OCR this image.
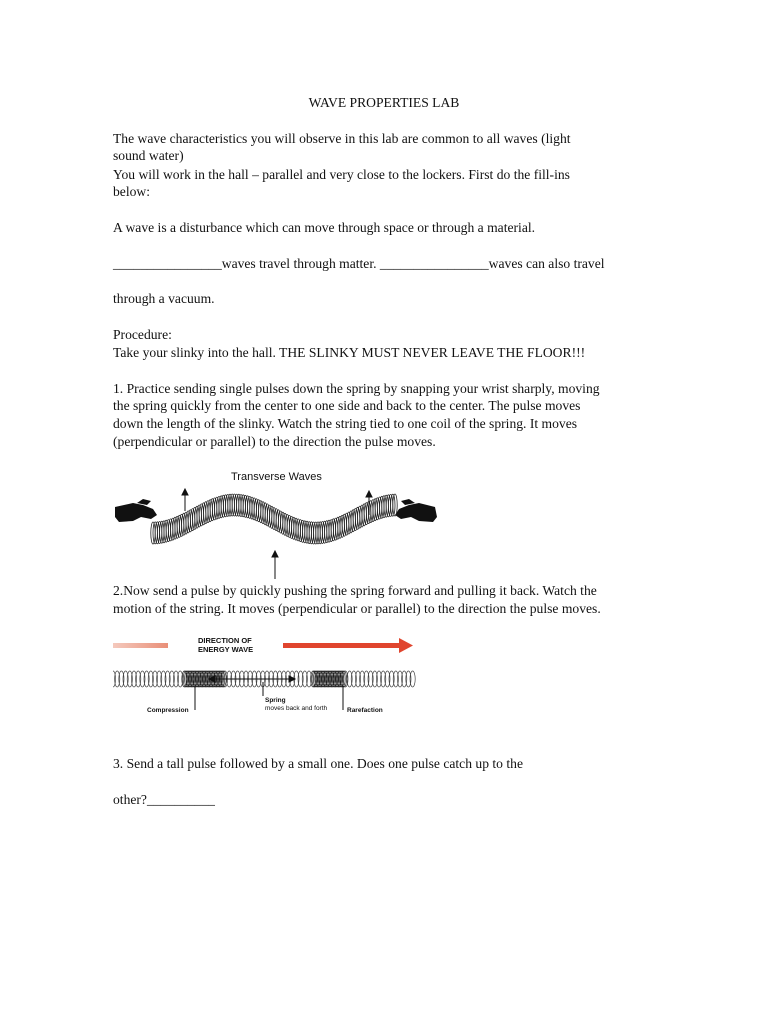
WAVE PROPERTIES LAB

The wave characteristics you will observe in this lab are common to all waves (light

sound water)

You will work in the hall – parallel and very close to the lockers. First do the fill-ins

below:

A wave is a disturbance which can move through space or through a material.

________________waves travel through matter. ________________waves can also travel

through a vacuum.

Procedure:

Take your slinky into the hall. THE SLINKY MUST NEVER LEAVE THE FLOOR!!!

1. Practice sending single pulses down the spring by snapping your wrist sharply, moving

the spring quickly from the center to one side and back to the center. The pulse moves

down the length of the slinky. Watch the string tied to one coil of the spring. It moves

(perpendicular or parallel) to the direction the pulse moves.

Transverse Waves

2.Now send a pulse by quickly pushing the spring forward and pulling it back. Watch the

motion of the string. It moves (perpendicular or parallel) to the direction the pulse moves.

DIRECTION OF
ENERGY WAVE
Compression
Spring
moves back and forth	Rarefaction

3. Send a tall pulse followed by a small one. Does one pulse catch up to the

other?__________
